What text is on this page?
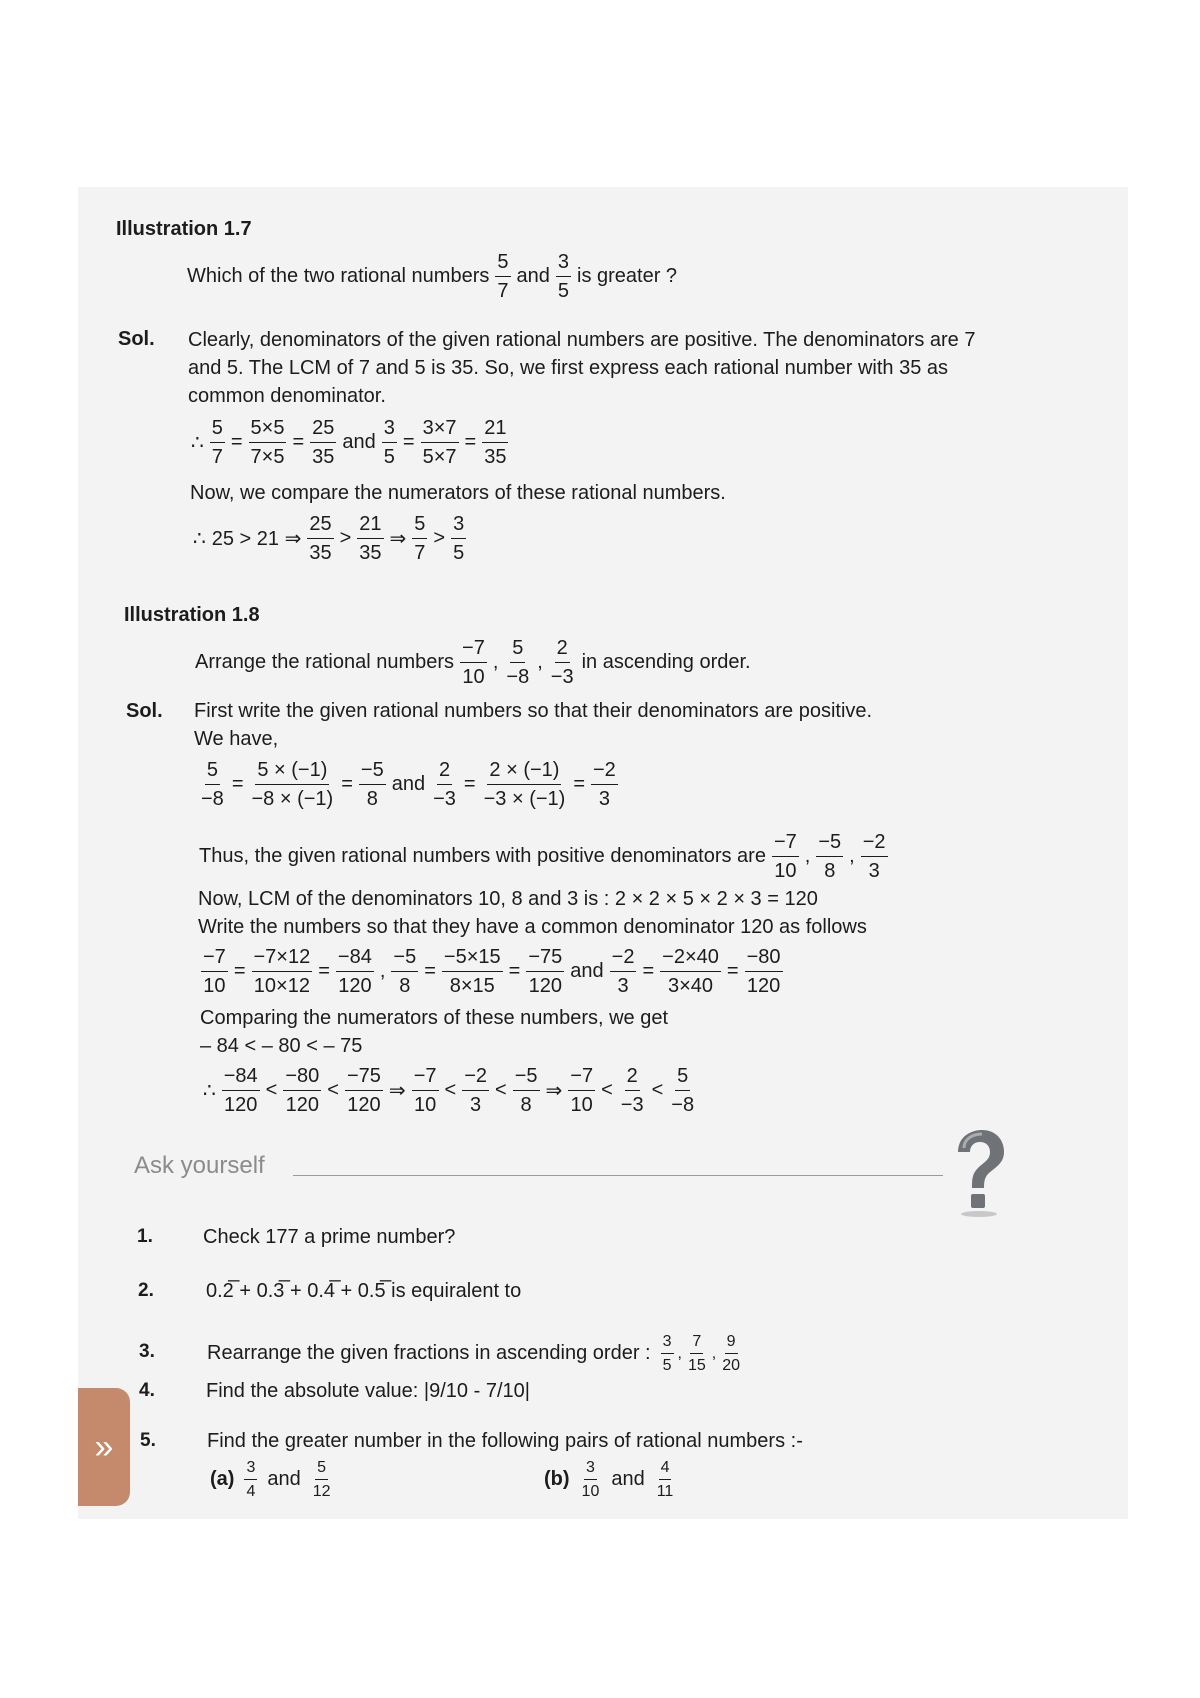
Illustration 1.7
Which of the two rational numbers $\frac{5}{7}$ and $\frac{3}{5}$ is greater ?
Sol. Clearly, denominators of the given rational numbers are positive. The denominators are 7
and 5. The LCM of 7 and 5 is 35. So, we first express each rational number with 35 as
common denominator.
∴ $\frac{5}{7} = \frac{5\times 5}{7\times 5} = \frac{25}{35}$ and $\frac{3}{5} = \frac{3\times 7}{5\times 7} = \frac{21}{35}$
Now, we compare the numerators of these rational numbers.
∴ 25 > 21 ⇒ $\frac{25}{35} > \frac{21}{35}$ ⇒ $\frac{5}{7} > \frac{3}{5}$
Illustration 1.8
Arrange the rational numbers $\frac{-7}{10}$ , $\frac{5}{-8}$ , $\frac{2}{-3}$ in ascending order.
Sol. First write the given rational numbers so that their denominators are positive.
We have,
$\frac{5}{-8} = \frac{5 \times (-1)}{-8 \times (-1)} = \frac{-5}{8}$ and $\frac{2}{-3} = \frac{2 \times (-1)}{-3 \times (-1)} = \frac{-2}{3}$
Thus, the given rational numbers with positive denominators are $\frac{-7}{10}$ , $\frac{-5}{8}$ , $\frac{-2}{3}$
Now, LCM of the denominators 10, 8 and 3 is : 2 × 2 × 5 × 2 × 3 = 120
Write the numbers so that they have a common denominator 120 as follows
$\frac{-7}{10} = \frac{-7\times 12}{10\times 12} = \frac{-84}{120}$ , $\frac{-5}{8} = \frac{-5\times 15}{8\times 15} = \frac{-75}{120}$ and $\frac{-2}{3} = \frac{-2\times 40}{3\times 40} = \frac{-80}{120}$
Comparing the numerators of these numbers, we get
– 84 < – 80 < – 75
∴ $\frac{-84}{120} < \frac{-80}{120} < \frac{-75}{120}$ ⇒ $\frac{-7}{10} < \frac{-2}{3} < \frac{-5}{8}$ ⇒ $\frac{-7}{10} < \frac{2}{-3} < \frac{5}{-8}$
Ask yourself
1.	Check 177 a prime number?
2.	0.2̅ + 0.3̅ + 0.4̅ + 0.5̅ is equiralent to
3.	Rearrange the given fractions in ascending order : $\frac{3}{5}$ , $\frac{7}{15}$ , $\frac{9}{20}$
4.	Find the absolute value: |9/10 - 7/10|
5.	Find the greater number in the following pairs of rational numbers :-
$(a) \frac{3}{4}$ and $\frac{5}{12}$	$(b) \frac{3}{10}$ and $\frac{4}{11}$
»
